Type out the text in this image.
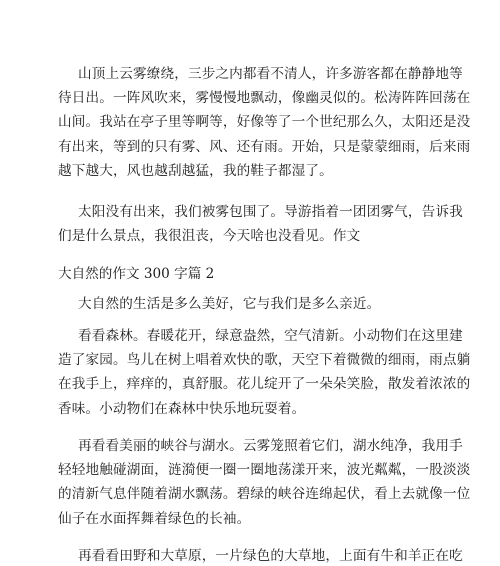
山顶上云雾缭绕，三步之内都看不清人，许多游客都在静静地等
待日出。一阵风吹来，雾慢慢地飘动，像幽灵似的。松涛阵阵回荡在
山间。我站在亭子里等啊等，好像等了一个世纪那么久，太阳还是没
有出来，等到的只有雾、风、还有雨。开始，只是蒙蒙细雨，后来雨
越下越大，风也越刮越猛，我的鞋子都湿了。
太阳没有出来，我们被雾包围了。导游指着一团团雾气，告诉我
们是什么景点，我很沮丧，今天啥也没看见。作文
大自然的作文 300 字篇 2
大自然的生活是多么美好，它与我们是多么亲近。
看看森林。春暖花开，绿意盎然，空气清新。小动物们在这里建
造了家园。鸟儿在树上唱着欢快的歌，天空下着微微的细雨，雨点躺
在我手上，痒痒的，真舒服。花儿绽开了一朵朵笑脸，散发着浓浓的
香味。小动物们在森林中快乐地玩耍着。
再看看美丽的峡谷与湖水。云雾笼照着它们，湖水纯净，我用手
轻轻地触碰湖面，涟漪便一圈一圈地荡漾开来，波光粼粼，一股淡淡
的清新气息伴随着湖水飘荡。碧绿的峡谷连绵起伏，看上去就像一位
仙子在水面挥舞着绿色的长袖。
再看看田野和大草原，一片绿色的大草地，上面有牛和羊正在吃
